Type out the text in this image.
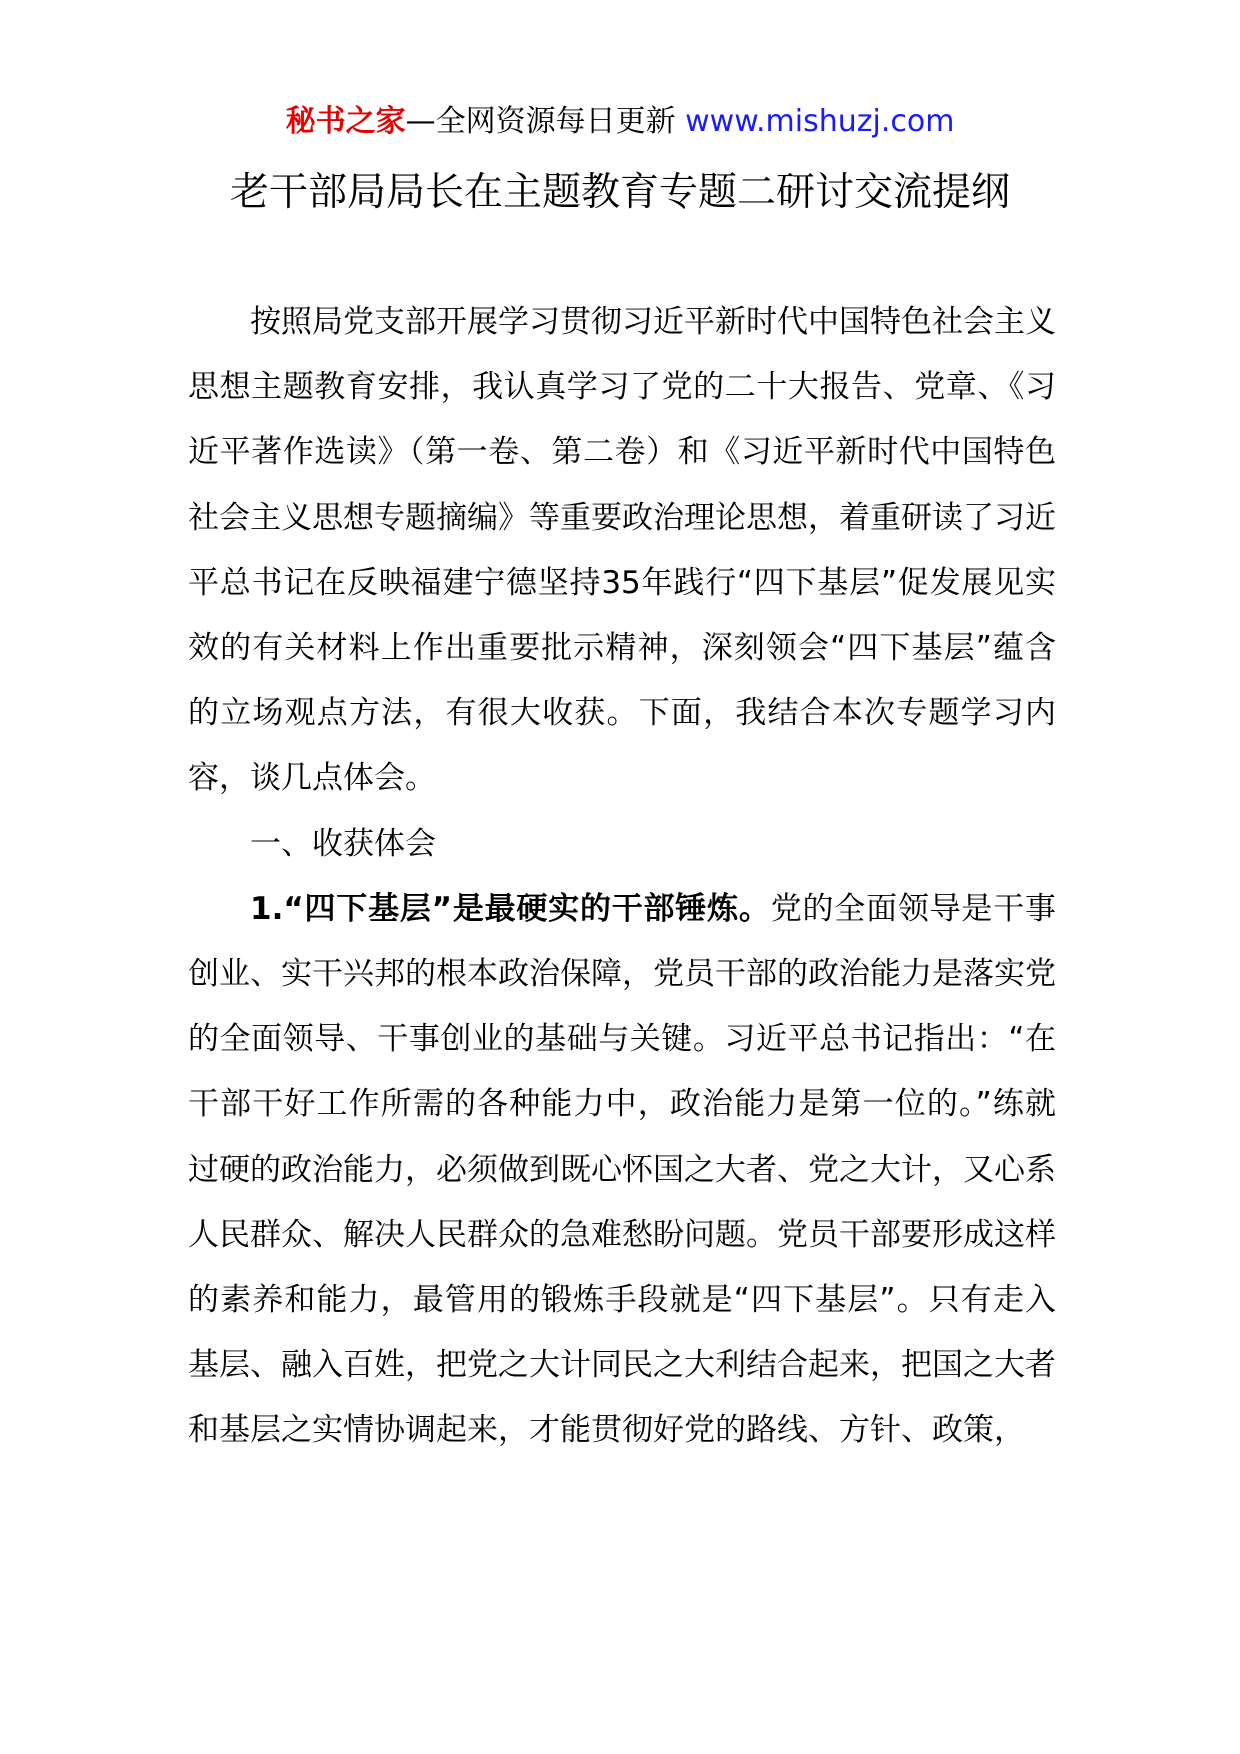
秘书之家—全网资源每日更新 www.mishuzj.com
老干部局局长在主题教育专题二研讨交流提纲

按照局党支部开展学习贯彻习近平新时代中国特色社会主义思想主题教育安排，我认真学习了党的二十大报告、党章、《习近平著作选读》（第一卷、第二卷）和《习近平新时代中国特色社会主义思想专题摘编》等重要政治理论思想，着重研读了习近平总书记在反映福建宁德坚持35年践行“四下基层”促发展见实效的有关材料上作出重要批示精神，深刻领会“四下基层”蕴含的立场观点方法，有很大收获。下面，我结合本次专题学习内容，谈几点体会。

一、收获体会

1.“四下基层”是最硬实的干部锤炼。党的全面领导是干事创业、实干兴邦的根本政治保障，党员干部的政治能力是落实党的全面领导、干事创业的基础与关键。习近平总书记指出：“在干部干好工作所需的各种能力中，政治能力是第一位的。”练就过硬的政治能力，必须做到既心怀国之大者、党之大计，又心系人民群众、解决人民群众的急难愁盼问题。党员干部要形成这样的素养和能力，最管用的锻炼手段就是“四下基层”。只有走入基层、融入百姓，把党之大计同民之大利结合起来，把国之大者和基层之实情协调起来，才能贯彻好党的路线、方针、政策，
